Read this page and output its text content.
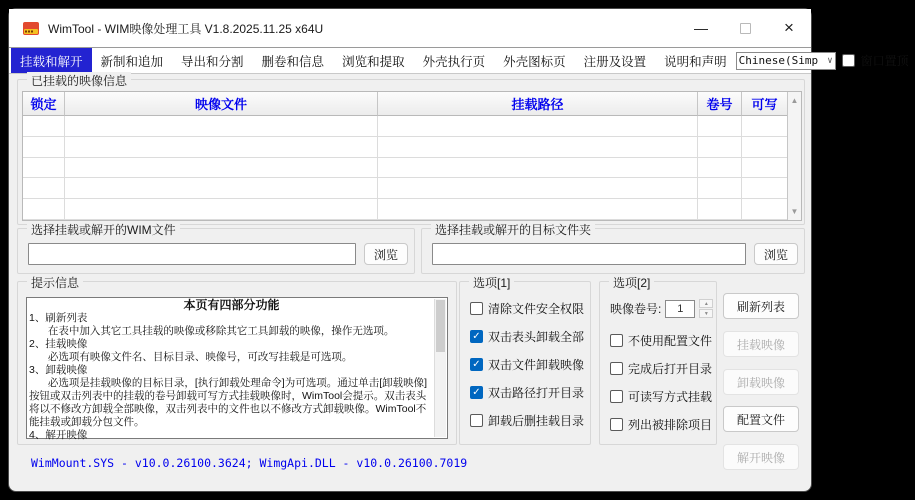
WimTool - WIM映像处理工具 V1.8.2025.11.25 x64U	—	×
挂载和解开	新制和追加	导出和分割	删卷和信息	浏览和提取	外壳执行页	外壳图标页	注册及设置	说明和声明	Chinese(Simp ∨ 窗口置顶
已挂载的映像信息
锁定	映像文件	挂载路径	卷号	可写	▲
▼
选择挂载或解开的WIM文件
浏览
选择挂载或解开的目标文件夹
浏览
提示信息
本页有四部分功能
1、刷新列表
在表中加入其它工具挂载的映像或移除其它工具卸载的映像，操作无选项。
2、挂载映像
必选项有映像文件名、目标目录、映像号，可改写挂载是可选项。
3、卸载映像
必选项是挂载映像的目标目录，[执行卸载处理命令]为可选项。通过单击[卸载映像]按钮或双击列表中的挂载的卷号卸载可写方式挂载映像时，WimTool会提示。双击表头将以不修改方卸载全部映像，双击列表中的文件也以不修改方式卸载映像。WimTool不能挂载或卸载分包文件。
4、解开映像
选项[1]
清除文件安全权限
✓
双击表头卸载全部
✓
双击文件卸载映像
✓
双击路径打开目录
卸载后删挂载目录
选项[2]
映像卷号:	1	▲
▼
不使用配置文件
完成后打开目录
可读写方式挂载
列出被排除项目
刷新列表
挂载映像
卸载映像
配置文件
解开映像
WimMount.SYS - v10.0.26100.3624; WimgApi.DLL - v10.0.26100.7019
